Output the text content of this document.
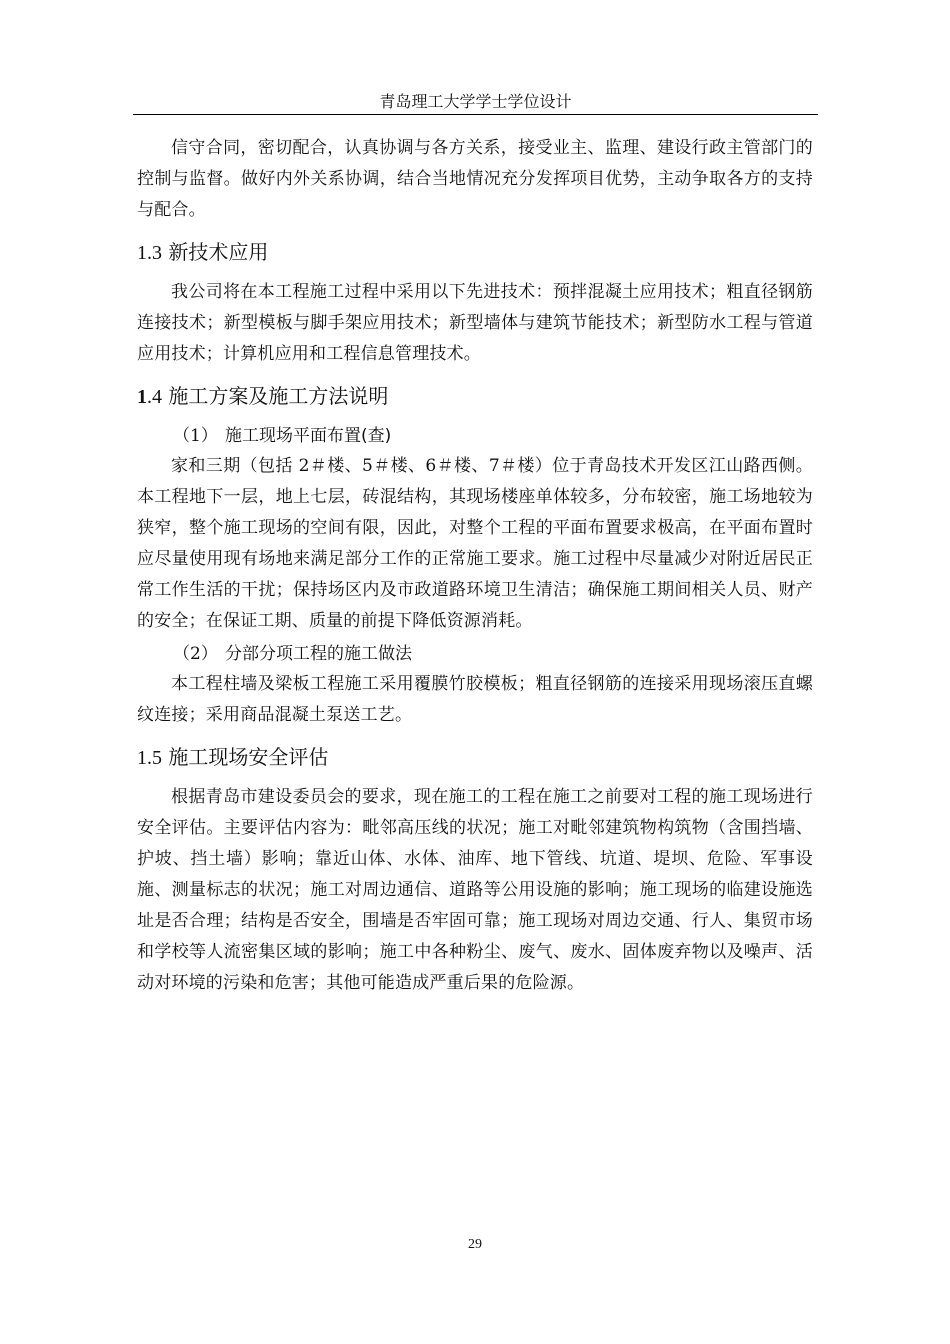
青岛理工大学学士学位设计

信守合同，密切配合，认真协调与各方关系，接受业主、监理、建设行政主管部门的控制与监督。做好内外关系协调，结合当地情况充分发挥项目优势，主动争取各方的支持与配合。

1.3 新技术应用

我公司将在本工程施工过程中采用以下先进技术：预拌混凝土应用技术；粗直径钢筋连接技术；新型模板与脚手架应用技术；新型墙体与建筑节能技术；新型防水工程与管道应用技术；计算机应用和工程信息管理技术。

1.4 施工方案及施工方法说明
（1） 施工现场平面布置(查)

家和三期（包括 2＃楼、5＃楼、6＃楼、7＃楼）位于青岛技术开发区江山路西侧。本工程地下一层，地上七层，砖混结构，其现场楼座单体较多，分布较密，施工场地较为狭窄，整个施工现场的空间有限，因此，对整个工程的平面布置要求极高，在平面布置时应尽量使用现有场地来满足部分工作的正常施工要求。施工过程中尽量减少对附近居民正常工作生活的干扰；保持场区内及市政道路环境卫生清洁；确保施工期间相关人员、财产的安全；在保证工期、质量的前提下降低资源消耗。

（2） 分部分项工程的施工做法

本工程柱墙及梁板工程施工采用覆膜竹胶模板；粗直径钢筋的连接采用现场滚压直螺纹连接；采用商品混凝土泵送工艺。

1.5 施工现场安全评估

根据青岛市建设委员会的要求，现在施工的工程在施工之前要对工程的施工现场进行安全评估。主要评估内容为：毗邻高压线的状况；施工对毗邻建筑物构筑物（含围挡墙、护坡、挡土墙）影响；靠近山体、水体、油库、地下管线、坑道、堤坝、危险、军事设施、测量标志的状况；施工对周边通信、道路等公用设施的影响；施工现场的临建设施选址是否合理；结构是否安全，围墙是否牢固可靠；施工现场对周边交通、行人、集贸市场和学校等人流密集区域的影响；施工中各种粉尘、废气、废水、固体废弃物以及噪声、活动对环境的污染和危害；其他可能造成严重后果的危险源。

29
